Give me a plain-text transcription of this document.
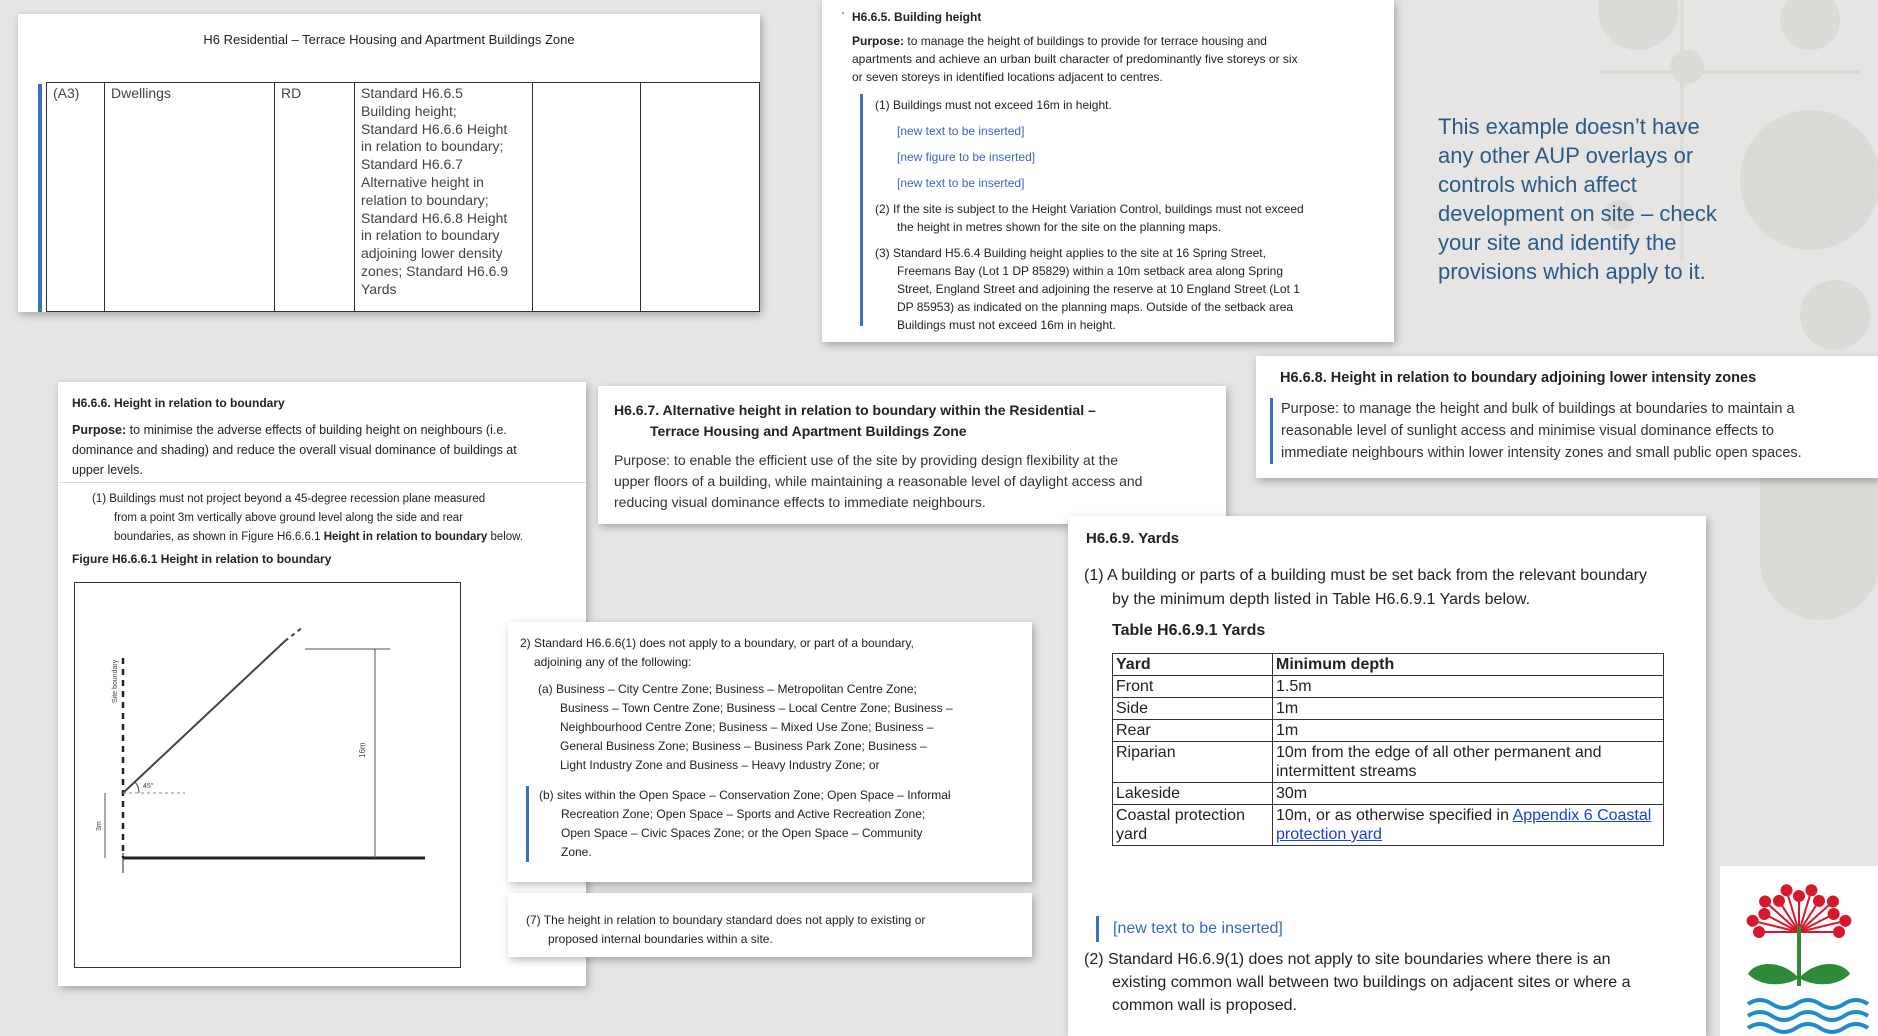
H6 Residential – Terrace Housing and Apartment Buildings Zone
(A3)	Dwellings	RD	Standard H6.6.5
Building height;
Standard H6.6.6 Height
in relation to boundary;
Standard H6.6.7
Alternative height in
relation to boundary;
Standard H6.6.8 Height
in relation to boundary
adjoining lower density
zones; Standard H6.6.9
Yards

' H6.6.5. Building height
Purpose: to manage the height of buildings to provide for terrace housing and
apartments and achieve an urban built character of predominantly five storeys or six
or seven storeys in identified locations adjacent to centres.
(1) Buildings must not exceed 16m in height.
[new text to be inserted]
[new figure to be inserted]
[new text to be inserted]
(2) If the site is subject to the Height Variation Control, buildings must not exceed
the height in metres shown for the site on the planning maps.
(3) Standard H5.6.4 Building height applies to the site at 16 Spring Street,
Freemans Bay (Lot 1 DP 85829) within a 10m setback area along Spring
Street, England Street and adjoining the reserve at 10 England Street (Lot 1
DP 85953) as indicated on the planning maps. Outside of the setback area
Buildings must not exceed 16m in height.
This example doesn’t have
any other AUP overlays or
controls which affect
development on site – check
your site and identify the
provisions which apply to it.
H6.6.6. Height in relation to boundary
Purpose: to minimise the adverse effects of building height on neighbours (i.e.
dominance and shading) and reduce the overall visual dominance of buildings at
upper levels.
(1) Buildings must not project beyond a 45-degree recession plane measured
from a point 3m vertically above ground level along the side and rear
boundaries, as shown in Figure H6.6.6.1 Height in relation to boundary below.
Figure H6.6.6.1 Height in relation to boundary
Site boundary
45°
16m
3m
H6.6.7. Alternative height in relation to boundary within the Residential –
Terrace Housing and Apartment Buildings Zone
Purpose: to enable the efficient use of the site by providing design flexibility at the
upper floors of a building, while maintaining a reasonable level of daylight access and
reducing visual dominance effects to immediate neighbours.
H6.6.8. Height in relation to boundary adjoining lower intensity zones
Purpose: to manage the height and bulk of buildings at boundaries to maintain a
reasonable level of sunlight access and minimise visual dominance effects to
immediate neighbours within lower intensity zones and small public open spaces.
2) Standard H6.6.6(1) does not apply to a boundary, or part of a boundary,
adjoining any of the following:
(a) Business – City Centre Zone; Business – Metropolitan Centre Zone;
Business – Town Centre Zone; Business – Local Centre Zone; Business –
Neighbourhood Centre Zone; Business – Mixed Use Zone; Business –
General Business Zone; Business – Business Park Zone; Business –
Light Industry Zone and Business – Heavy Industry Zone; or
(b) sites within the Open Space – Conservation Zone; Open Space – Informal
Recreation Zone; Open Space – Sports and Active Recreation Zone;
Open Space – Civic Spaces Zone; or the Open Space – Community
Zone.
(7) The height in relation to boundary standard does not apply to existing or
proposed internal boundaries within a site.
H6.6.9. Yards
(1) A building or parts of a building must be set back from the relevant boundary
by the minimum depth listed in Table H6.6.9.1 Yards below.
Table H6.6.9.1 Yards
Yard	Minimum depth
Front	1.5m
Side	1m
Rear	1m
Riparian	10m from the edge of all other permanent and intermittent streams
Lakeside	30m
Coastal protection yard	10m, or as otherwise specified in Appendix 6 Coastal protection yard
[new text to be inserted]
(2) Standard H6.6.9(1) does not apply to site boundaries where there is an
existing common wall between two buildings on adjacent sites or where a
common wall is proposed.
